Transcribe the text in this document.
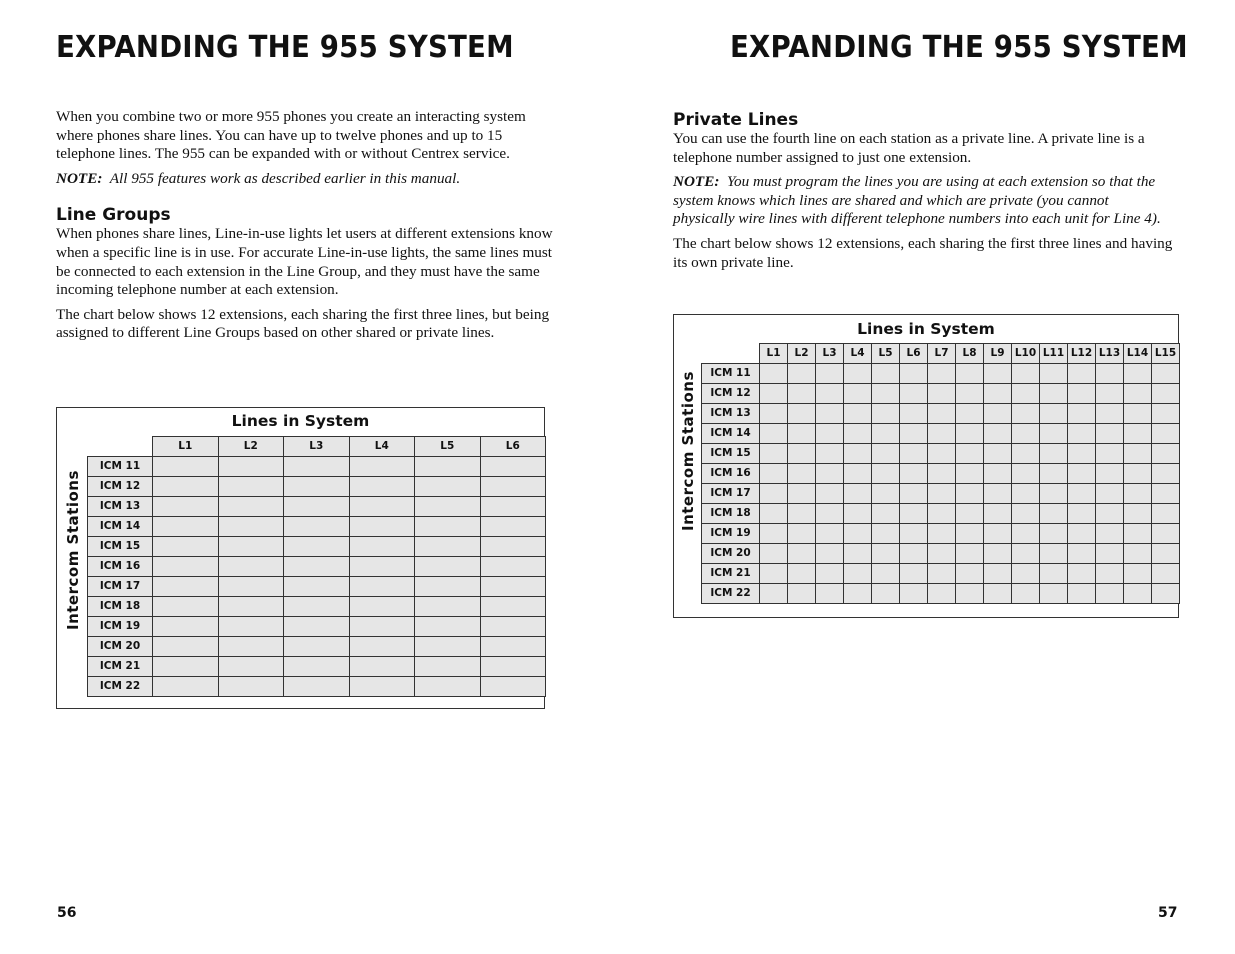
EXPANDING THE 955 SYSTEM

When you combine two or more 955 phones you create an interacting system where phones share lines. You can have up to twelve phones and up to 15 telephone lines. The 955 can be expanded with or without Centrex service.

NOTE: All 955 features work as described earlier in this manual.

Line Groups

When phones share lines, Line-in-use lights let users at different extensions know when a specific line is in use. For accurate Line-in-use lights, the same lines must be connected to each extension in the Line Group, and they must have the same incoming telephone number at each extension.

The chart below shows 12 extensions, each sharing the first three lines, but being assigned to different Line Groups based on other shared or private lines.

Lines in System
Intercom Stations
	L1	L2	L3	L4	L5	L6
ICM 11						
ICM 12						
ICM 13						
ICM 14						
ICM 15						
ICM 16						
ICM 17						
ICM 18						
ICM 19						
ICM 20						
ICM 21						
ICM 22						
56
EXPANDING THE 955 SYSTEM
Private Lines

You can use the fourth line on each station as a private line. A private line is a telephone number assigned to just one extension.

NOTE: You must program the lines you are using at each extension so that the system knows which lines are shared and which are private (you cannot physically wire lines with different telephone numbers into each unit for Line 4).

The chart below shows 12 extensions, each sharing the first three lines and having its own private line.

Lines in System
Intercom Stations
	L1	L2	L3	L4	L5	L6	L7	L8	L9	L10	L11	L12	L13	L14	L15
ICM 11															
ICM 12															
ICM 13															
ICM 14															
ICM 15															
ICM 16															
ICM 17															
ICM 18															
ICM 19															
ICM 20															
ICM 21															
ICM 22															
57
